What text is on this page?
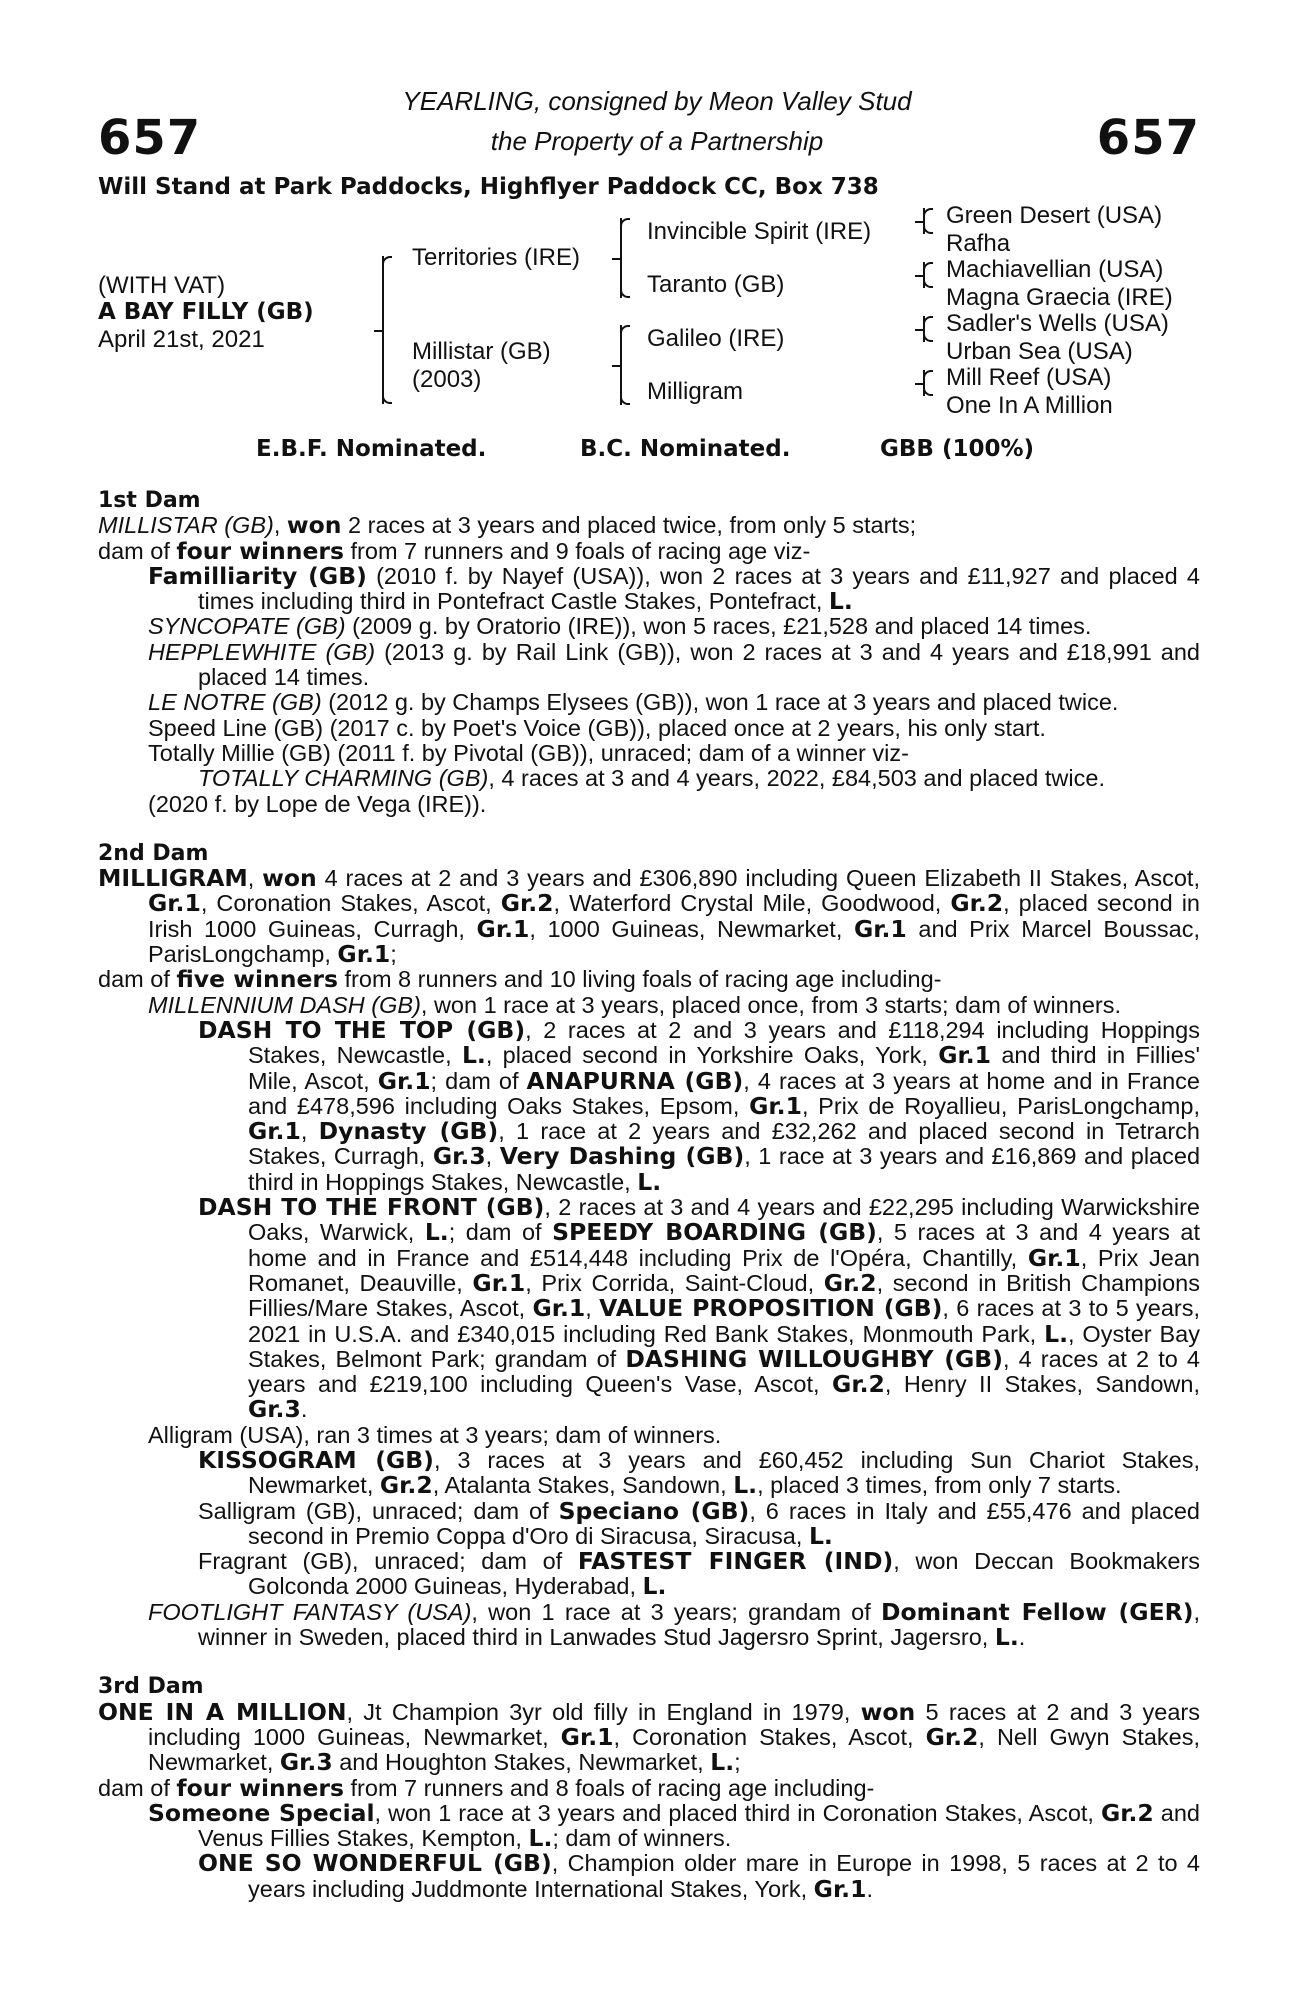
657	657
YEARLING, consigned by Meon Valley Stud
the Property of a Partnership
Will Stand at Park Paddocks, Highflyer Paddock CC, Box 738
(WITH VAT)
A BAY FILLY (GB)
April 21st, 2021
Territories (IRE)
Millistar (GB)
(2003)
Invincible Spirit (IRE)
Taranto (GB)
Galileo (IRE)
Milligram
Green Desert (USA)
Rafha
Machiavellian (USA)
Magna Graecia (IRE)
Sadler's Wells (USA)
Urban Sea (USA)
Mill Reef (USA)
One In A Million
E.B.F. Nominated.	B.C. Nominated.	GBB (100%)
1st Dam
MILLISTAR (GB), won 2 races at 3 years and placed twice, from only 5 starts;
dam of four winners from 7 runners and 9 foals of racing age viz-
Familliarity (GB) (2010 f. by Nayef (USA)), won 2 races at 3 years and £11,927 and placed 4 times including third in Pontefract Castle Stakes, Pontefract, L.
SYNCOPATE (GB) (2009 g. by Oratorio (IRE)), won 5 races, £21,528 and placed 14 times.
HEPPLEWHITE (GB) (2013 g. by Rail Link (GB)), won 2 races at 3 and 4 years and £18,991 and placed 14 times.
LE NOTRE (GB) (2012 g. by Champs Elysees (GB)), won 1 race at 3 years and placed twice.
Speed Line (GB) (2017 c. by Poet's Voice (GB)), placed once at 2 years, his only start.
Totally Millie (GB) (2011 f. by Pivotal (GB)), unraced; dam of a winner viz-
TOTALLY CHARMING (GB), 4 races at 3 and 4 years, 2022, £84,503 and placed twice.
(2020 f. by Lope de Vega (IRE)).
2nd Dam
MILLIGRAM, won 4 races at 2 and 3 years and £306,890 including Queen Elizabeth II Stakes, Ascot, Gr.1, Coronation Stakes, Ascot, Gr.2, Waterford Crystal Mile, Goodwood, Gr.2, placed second in Irish 1000 Guineas, Curragh, Gr.1, 1000 Guineas, Newmarket, Gr.1 and Prix Marcel Boussac, ParisLongchamp, Gr.1;
dam of five winners from 8 runners and 10 living foals of racing age including-
MILLENNIUM DASH (GB), won 1 race at 3 years, placed once, from 3 starts; dam of winners.
DASH TO THE TOP (GB), 2 races at 2 and 3 years and £118,294 including Hoppings Stakes, Newcastle, L., placed second in Yorkshire Oaks, York, Gr.1 and third in Fillies' Mile, Ascot, Gr.1; dam of ANAPURNA (GB), 4 races at 3 years at home and in France and £478,596 including Oaks Stakes, Epsom, Gr.1, Prix de Royallieu, ParisLongchamp, Gr.1, Dynasty (GB), 1 race at 2 years and £32,262 and placed second in Tetrarch Stakes, Curragh, Gr.3, Very Dashing (GB), 1 race at 3 years and £16,869 and placed third in Hoppings Stakes, Newcastle, L.
DASH TO THE FRONT (GB), 2 races at 3 and 4 years and £22,295 including Warwickshire Oaks, Warwick, L.; dam of SPEEDY BOARDING (GB), 5 races at 3 and 4 years at home and in France and £514,448 including Prix de l'Opéra, Chantilly, Gr.1, Prix Jean Romanet, Deauville, Gr.1, Prix Corrida, Saint-Cloud, Gr.2, second in British Champions Fillies/Mare Stakes, Ascot, Gr.1, VALUE PROPOSITION (GB), 6 races at 3 to 5 years, 2021 in U.S.A. and £340,015 including Red Bank Stakes, Monmouth Park, L., Oyster Bay Stakes, Belmont Park; grandam of DASHING WILLOUGHBY (GB), 4 races at 2 to 4 years and £219,100 including Queen's Vase, Ascot, Gr.2, Henry II Stakes, Sandown, Gr.3.
Alligram (USA), ran 3 times at 3 years; dam of winners.
KISSOGRAM (GB), 3 races at 3 years and £60,452 including Sun Chariot Stakes, Newmarket, Gr.2, Atalanta Stakes, Sandown, L., placed 3 times, from only 7 starts.
Salligram (GB), unraced; dam of Speciano (GB), 6 races in Italy and £55,476 and placed second in Premio Coppa d'Oro di Siracusa, Siracusa, L.
Fragrant (GB), unraced; dam of FASTEST FINGER (IND), won Deccan Bookmakers Golconda 2000 Guineas, Hyderabad, L.
FOOTLIGHT FANTASY (USA), won 1 race at 3 years; grandam of Dominant Fellow (GER), winner in Sweden, placed third in Lanwades Stud Jagersro Sprint, Jagersro, L..
3rd Dam
ONE IN A MILLION, Jt Champion 3yr old filly in England in 1979, won 5 races at 2 and 3 years including 1000 Guineas, Newmarket, Gr.1, Coronation Stakes, Ascot, Gr.2, Nell Gwyn Stakes, Newmarket, Gr.3 and Houghton Stakes, Newmarket, L.;
dam of four winners from 7 runners and 8 foals of racing age including-
Someone Special, won 1 race at 3 years and placed third in Coronation Stakes, Ascot, Gr.2 and Venus Fillies Stakes, Kempton, L.; dam of winners.
ONE SO WONDERFUL (GB), Champion older mare in Europe in 1998, 5 races at 2 to 4 years including Juddmonte International Stakes, York, Gr.1.
